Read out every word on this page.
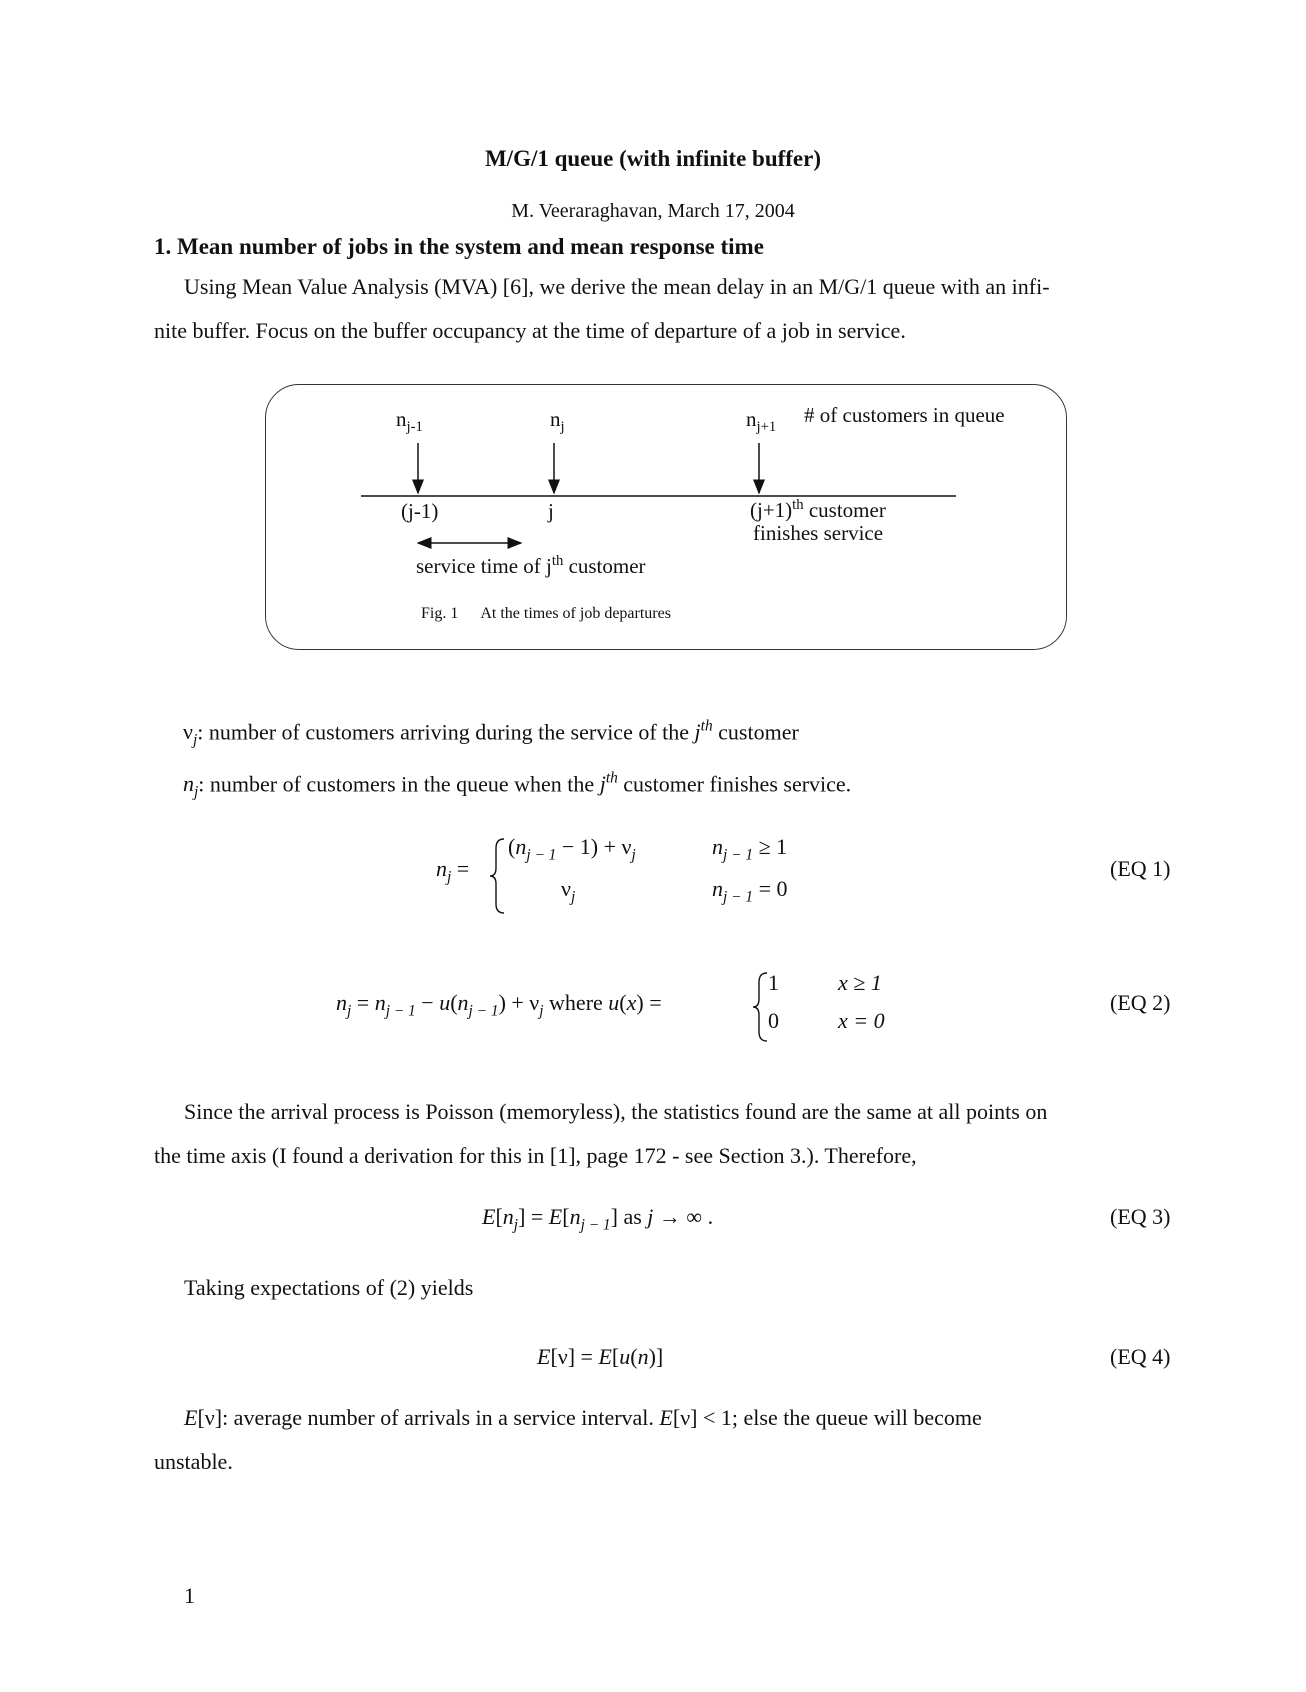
M/G/1 queue (with infinite buffer)
M. Veeraraghavan, March 17, 2004
1. Mean number of jobs in the system and mean response time
Using Mean Value Analysis (MVA) [6], we derive the mean delay in an M/G/1 queue with an infi-
nite buffer. Focus on the buffer occupancy at the time of departure of a job in service.
$n_{j-1}$	$n_j$	$n_{j+1}$
# of customers in queue
(j-1)	j	$(j+1)^{th}$ customer
finishes service
service time of $j^{th}$ customer
Fig. 1 At the times of job departures
$\nu_j$: number of customers arriving during the service of the $j^{th}$ customer
$n_j$: number of customers in the queue when the $j^{th}$ customer finishes service.
$n_j$ =
$(n_{j - 1} - 1) + \nu_j$	$n_{j - 1} \ge 1$
$\nu_j$	$n_{j - 1} = 0$
(EQ 1)
$n_j = n_{j - 1} - u(n_{j - 1}) + \nu_j$ where u(x) =
1	x ≥ 1
0	x = 0
(EQ 2)
Since the arrival process is Poisson (memoryless), the statistics found are the same at all points on
the time axis (I found a derivation for this in [1], page 172 - see Section 3.). Therefore,
$E[n_j] = E[n_{j - 1}]$ as j → ∞ .	(EQ 3)
Taking expectations of (2) yields
E[ν] = E[u(n)]	(EQ 4)
E[ν]: average number of arrivals in a service interval. E[ν] < 1; else the queue will become
unstable.
1
